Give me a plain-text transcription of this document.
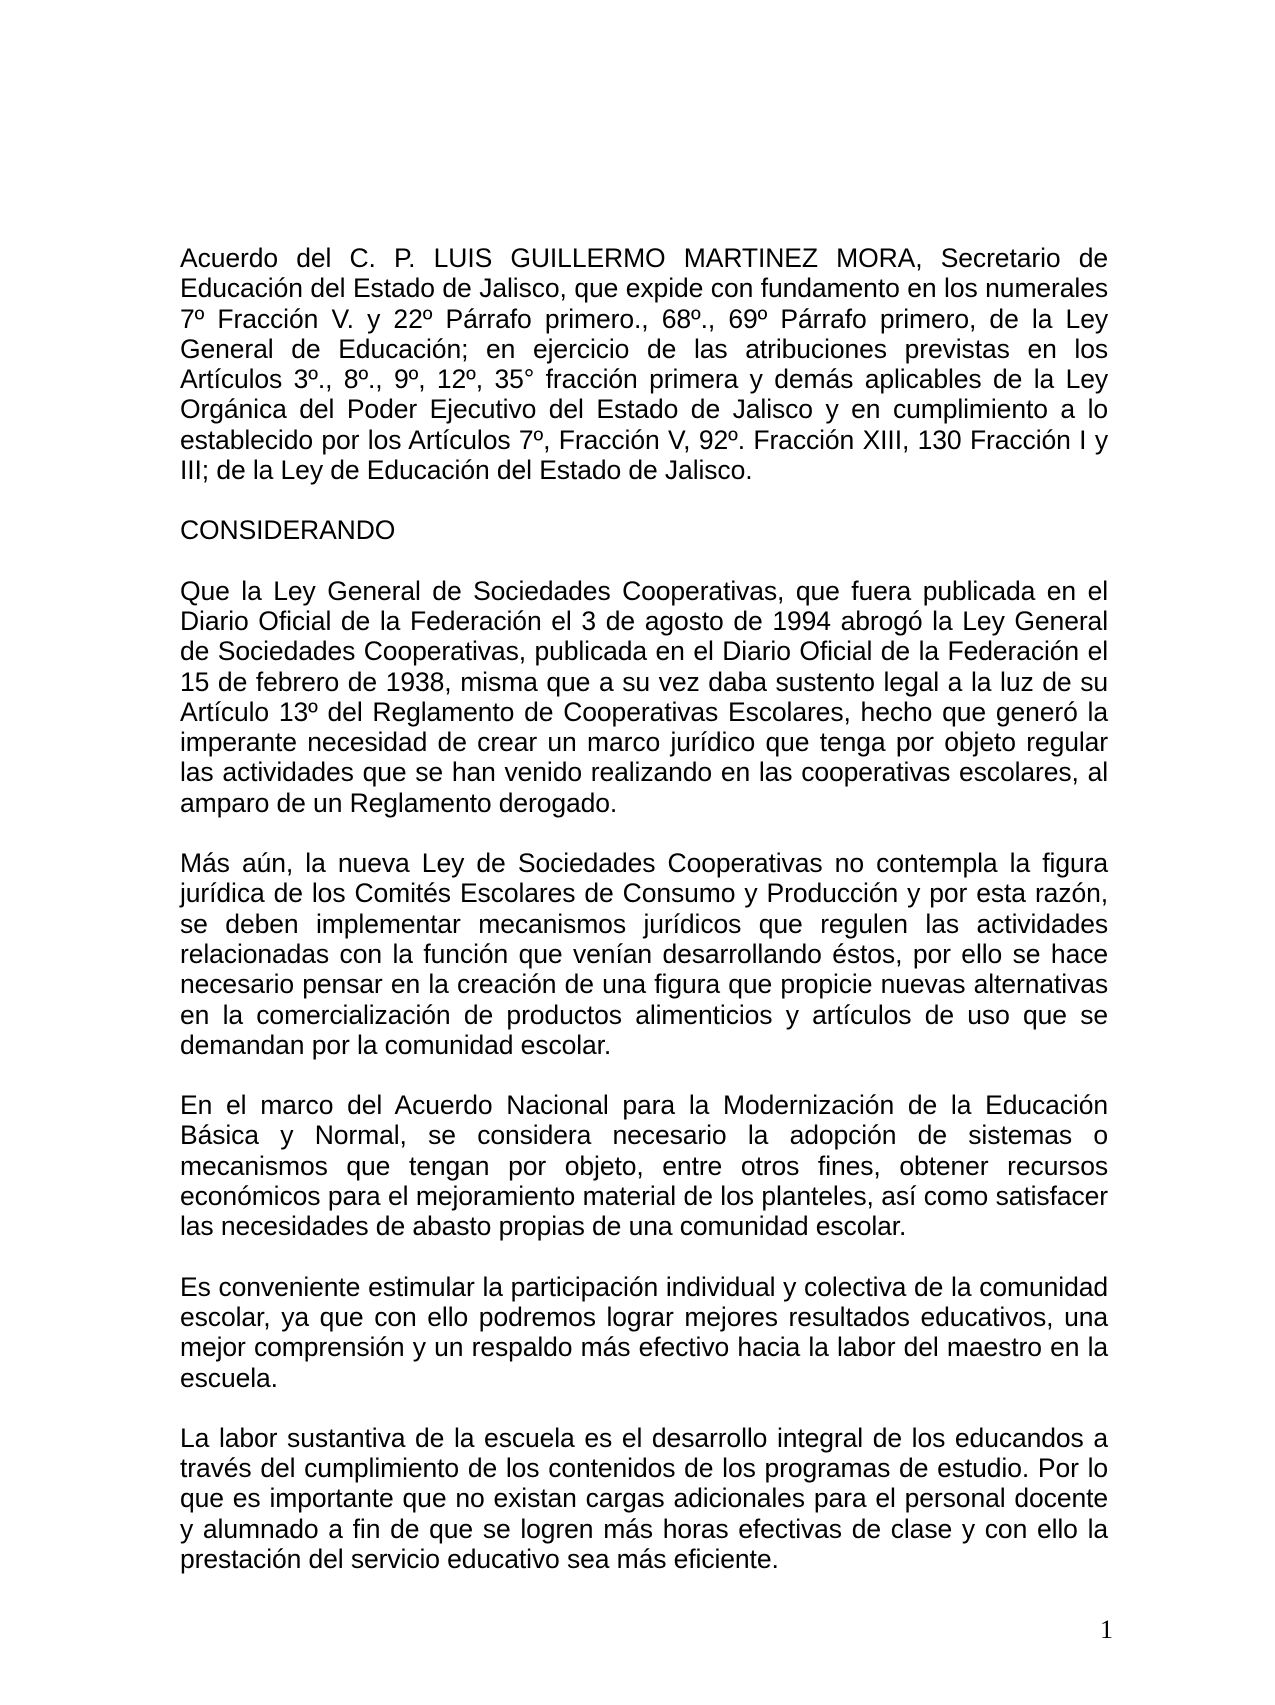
Acuerdo del C. P. LUIS GUILLERMO MARTINEZ MORA, Secretario de Educación del Estado de Jalisco, que expide con fundamento en los numerales 7º Fracción V. y 22º Párrafo primero., 68º., 69º Párrafo primero, de la Ley General de Educación; en ejercicio de las atribuciones previstas en los Artículos 3º., 8º., 9º, 12º, 35° fracción primera y demás aplicables de la Ley Orgánica del Poder Ejecutivo del Estado de Jalisco y en cumplimiento a lo establecido por los Artículos 7º, Fracción V, 92º. Fracción XIII, 130 Fracción I y III; de la Ley de Educación del Estado de Jalisco.

CONSIDERANDO

Que la Ley General de Sociedades Cooperativas, que fuera publicada en el Diario Oficial de la Federación el 3 de agosto de 1994 abrogó la Ley General de Sociedades Cooperativas, publicada en el Diario Oficial de la Federación el 15 de febrero de 1938, misma que a su vez daba sustento legal a la luz de su Artículo 13º del Reglamento de Cooperativas Escolares, hecho que generó la imperante necesidad de crear un marco jurídico que tenga por objeto regular las actividades que se han venido realizando en las cooperativas escolares, al amparo de un Reglamento derogado.

Más aún, la nueva Ley de Sociedades Cooperativas no contempla la figura jurídica de los Comités Escolares de Consumo y Producción y por esta razón, se deben implementar mecanismos jurídicos que regulen las actividades relacionadas con la función que venían desarrollando éstos, por ello se hace necesario pensar en la creación de una figura que propicie nuevas alternativas en la comercialización de productos alimenticios y artículos de uso que se demandan por la comunidad escolar.

En el marco del Acuerdo Nacional para la Modernización de la Educación Básica y Normal, se considera necesario la adopción de sistemas o mecanismos que tengan por objeto, entre otros fines, obtener recursos económicos para el mejoramiento material de los planteles, así como satisfacer las necesidades de abasto propias de una comunidad escolar.

Es conveniente estimular la participación individual y colectiva de la comunidad escolar, ya que con ello podremos lograr mejores resultados educativos, una mejor comprensión y un respaldo más efectivo hacia la labor del maestro en la escuela.

La labor sustantiva de la escuela es el desarrollo integral de los educandos a través del cumplimiento de los contenidos de los programas de estudio. Por lo que es importante que no existan cargas adicionales para el personal docente y alumnado a fin de que se logren más horas efectivas de clase y con ello la prestación del servicio educativo sea más eficiente.

1
